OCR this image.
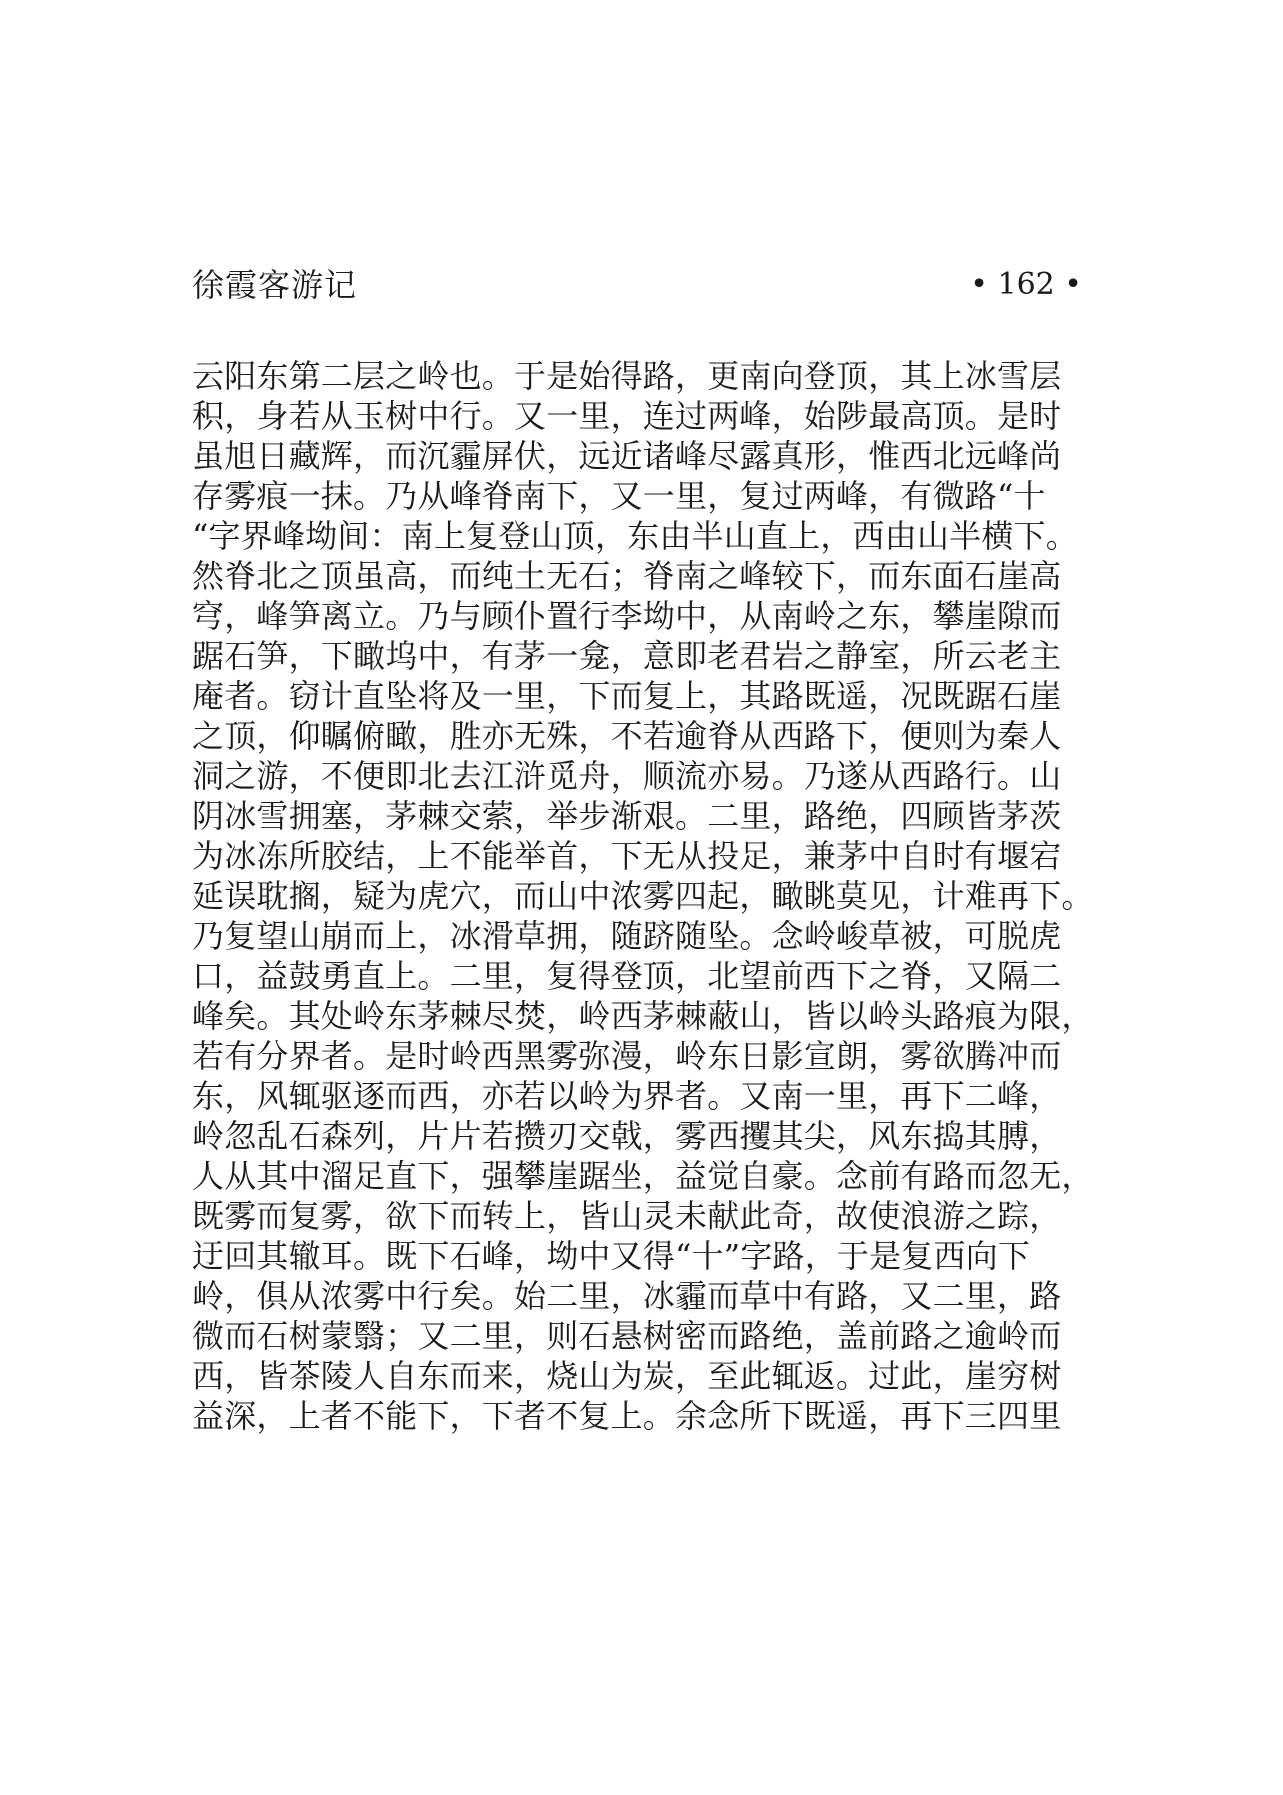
徐霞客游记	• 162 •
云阳东第二层之岭也。于是始得路，更南向登顶，其上冰雪层
积，身若从玉树中行。又一里，连过两峰，始陟最高顶。是时
虽旭日藏辉，而沉霾屏伏，远近诸峰尽露真形，惟西北远峰尚
存雾痕一抹。乃从峰脊南下，又一里，复过两峰，有微路“十
“字界峰坳间：南上复登山顶，东由半山直上，西由山半横下。
然脊北之顶虽高，而纯土无石；脊南之峰较下，而东面石崖高
穹，峰笋离立。乃与顾仆置行李坳中，从南岭之东，攀崖隙而
踞石笋，下瞰坞中，有茅一龛，意即老君岩之静室，所云老主
庵者。窃计直坠将及一里，下而复上，其路既遥，况既踞石崖
之顶，仰瞩俯瞰，胜亦无殊，不若逾脊从西路下，便则为秦人
洞之游，不便即北去江浒觅舟，顺流亦易。乃遂从西路行。山
阴冰雪拥塞，茅棘交萦，举步渐艰。二里，路绝，四顾皆茅茨
为冰冻所胶结，上不能举首，下无从投足，兼茅中自时有堰宕
延误耽搁，疑为虎穴，而山中浓雾四起，瞰眺莫见，计难再下。
乃复望山崩而上，冰滑草拥，随跻随坠。念岭峻草被，可脱虎
口，益鼓勇直上。二里，复得登顶，北望前西下之脊，又隔二
峰矣。其处岭东茅棘尽焚，岭西茅棘蔽山，皆以岭头路痕为限，
若有分界者。是时岭西黑雾弥漫，岭东日影宣朗，雾欲腾冲而
东，风辄驱逐而西，亦若以岭为界者。又南一里，再下二峰，
岭忽乱石森列，片片若攒刃交戟，雾西攫其尖，风东捣其膊，
人从其中溜足直下，强攀崖踞坐，益觉自豪。念前有路而忽无，
既雾而复雾，欲下而转上，皆山灵未献此奇，故使浪游之踪，
迂回其辙耳。既下石峰，坳中又得“十”字路，于是复西向下
岭，俱从浓雾中行矣。始二里，冰霾而草中有路，又二里，路
微而石树蒙翳；又二里，则石悬树密而路绝，盖前路之逾岭而
西，皆茶陵人自东而来，烧山为炭，至此辄返。过此，崖穷树
益深，上者不能下，下者不复上。余念所下既遥，再下三四里
